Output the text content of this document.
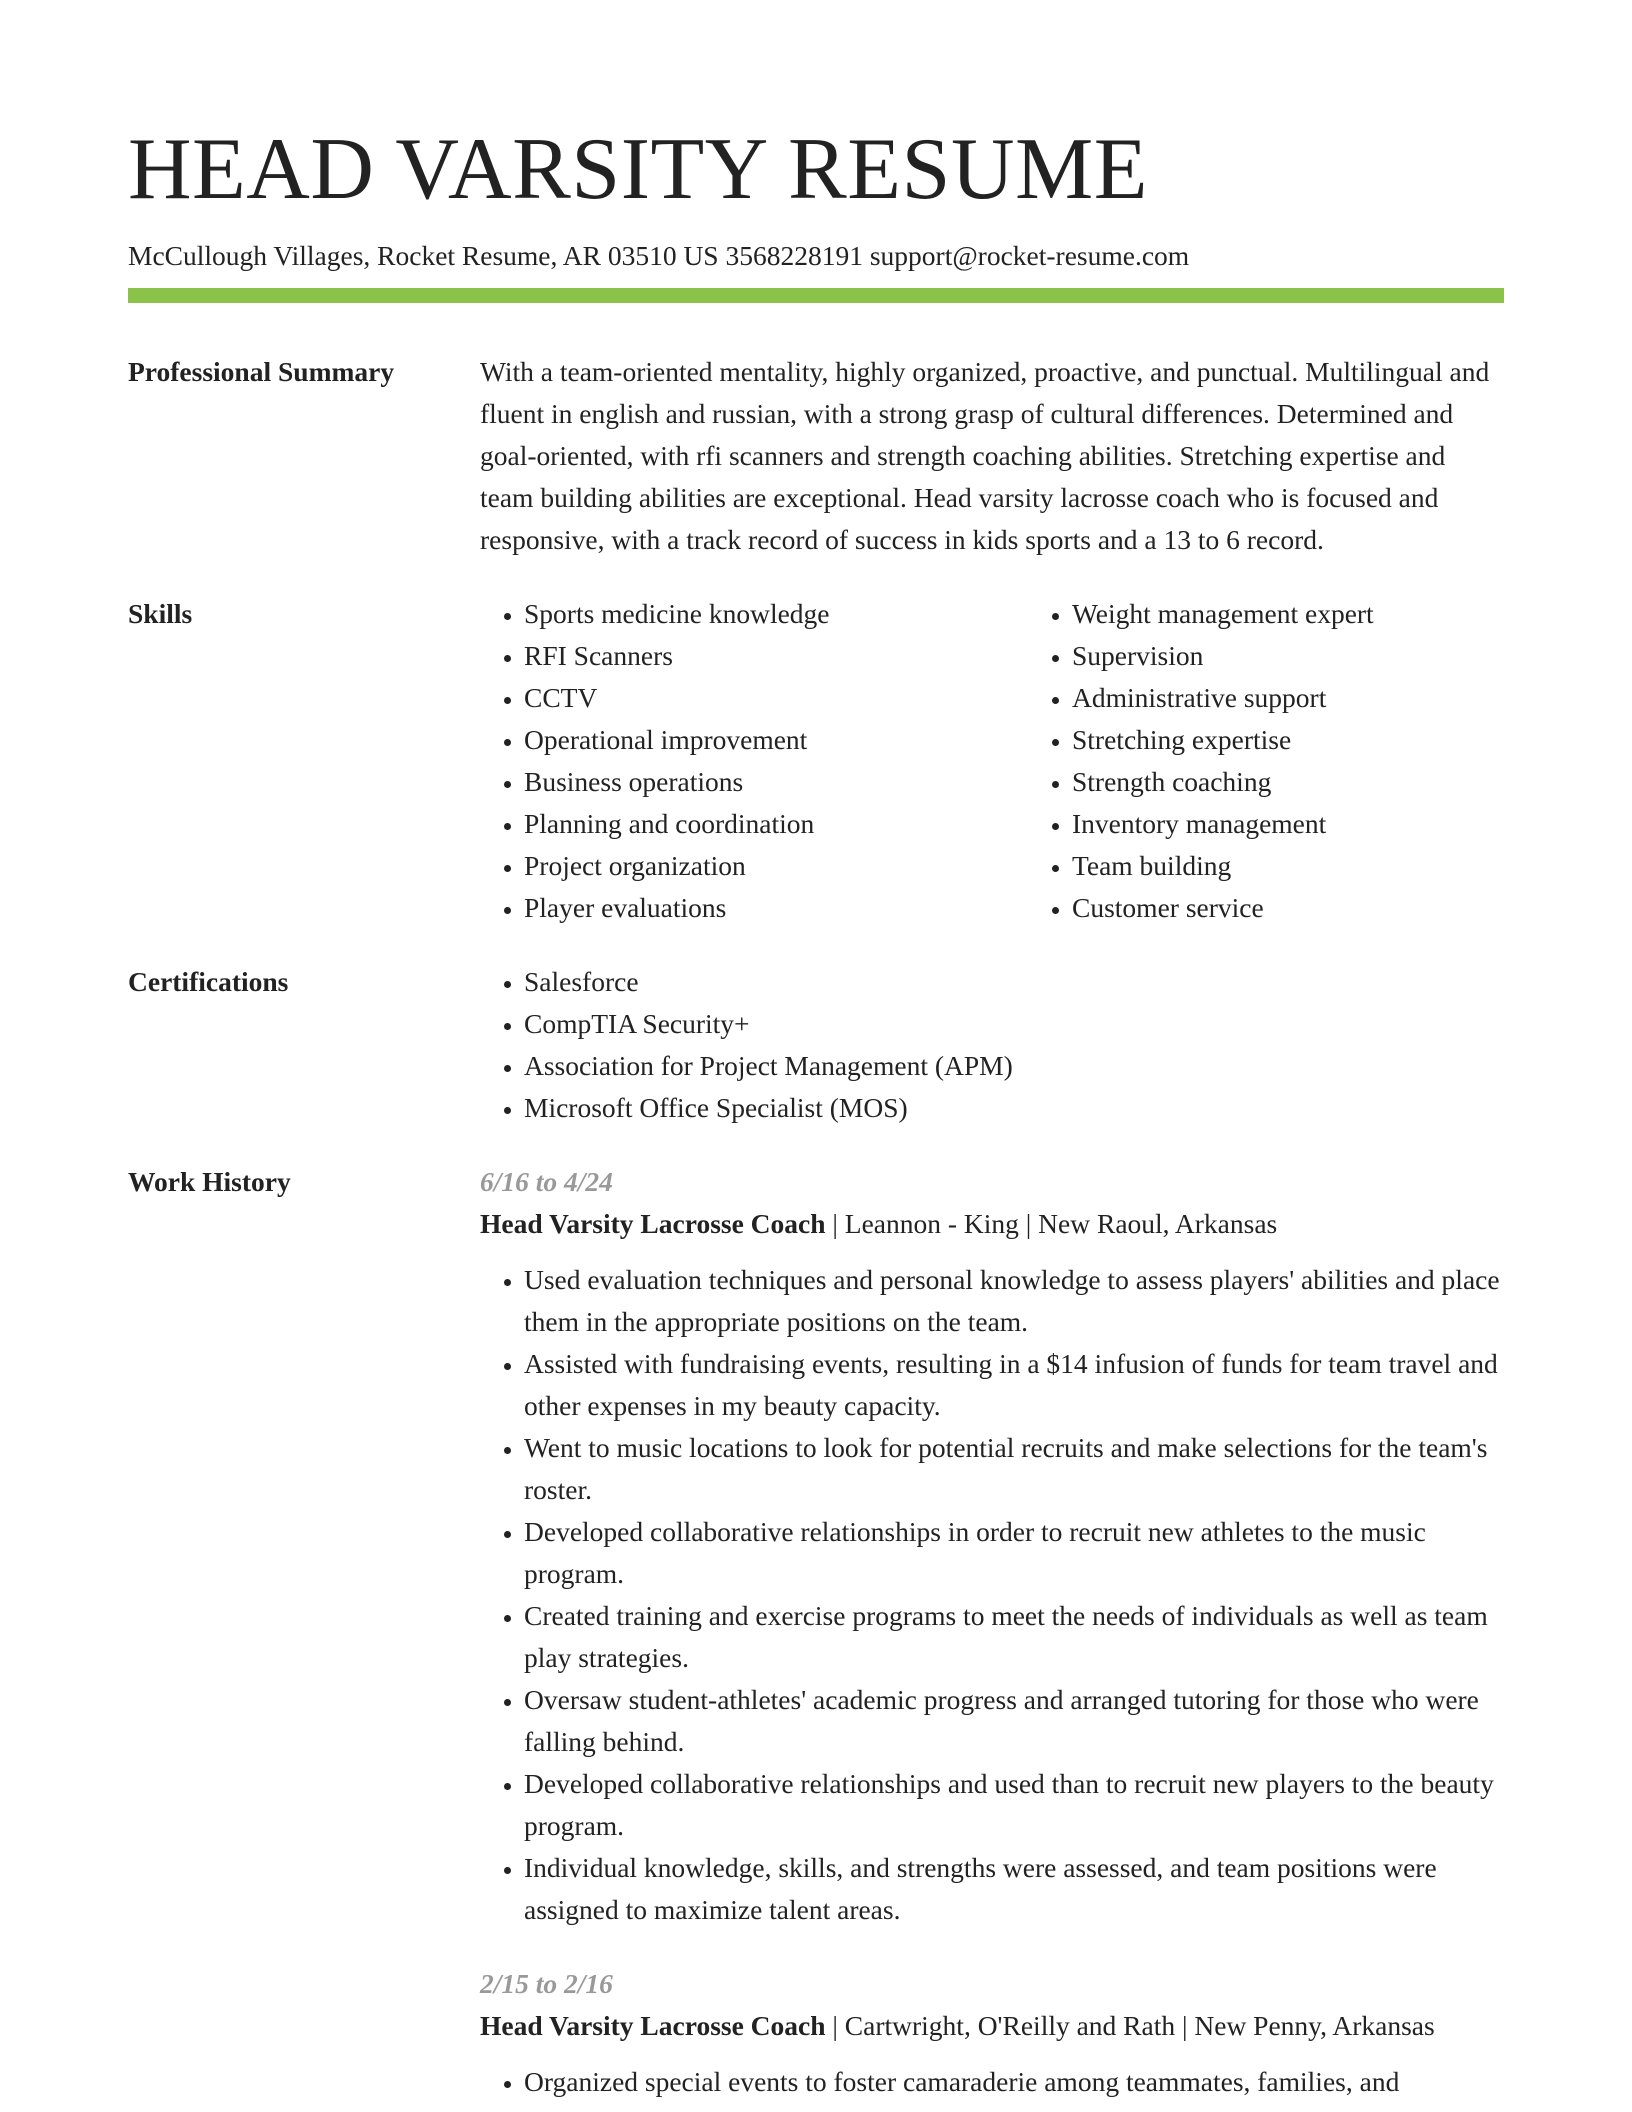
HEAD VARSITY RESUME
McCullough Villages, Rocket Resume, AR 03510 US 3568228191 support@rocket-resume.com
Professional Summary	With a team-oriented mentality, highly organized, proactive, and punctual. Multilingual and fluent in english and russian, with a strong grasp of cultural differences. Determined and goal-oriented, with rfi scanners and strength coaching abilities. Stretching expertise and team building abilities are exceptional. Head varsity lacrosse coach who is focused and responsive, with a track record of success in kids sports and a 13 to 6 record.
Skills	• Sports medicine knowledge
• RFI Scanners
• CCTV
• Operational improvement
• Business operations
• Planning and coordination
• Project organization
• Player evaluations
• Weight management expert
• Supervision
• Administrative support
• Stretching expertise
• Strength coaching
• Inventory management
• Team building
• Customer service
Certifications	• Salesforce
• CompTIA Security+
• Association for Project Management (APM)
• Microsoft Office Specialist (MOS)
Work History	6/16 to 4/24
Head Varsity Lacrosse Coach | Leannon - King | New Raoul, Arkansas
• Used evaluation techniques and personal knowledge to assess players' abilities and place them in the appropriate positions on the team.
• Assisted with fundraising events, resulting in a $14 infusion of funds for team travel and other expenses in my beauty capacity.
• Went to music locations to look for potential recruits and make selections for the team's roster.
• Developed collaborative relationships in order to recruit new athletes to the music program.
• Created training and exercise programs to meet the needs of individuals as well as team play strategies.
• Oversaw student-athletes' academic progress and arranged tutoring for those who were falling behind.
• Developed collaborative relationships and used than to recruit new players to the beauty program.
• Individual knowledge, skills, and strengths were assessed, and team positions were assigned to maximize talent areas.
2/15 to 2/16
Head Varsity Lacrosse Coach | Cartwright, O'Reilly and Rath | New Penny, Arkansas
• Organized special events to foster camaraderie among teammates, families, and
